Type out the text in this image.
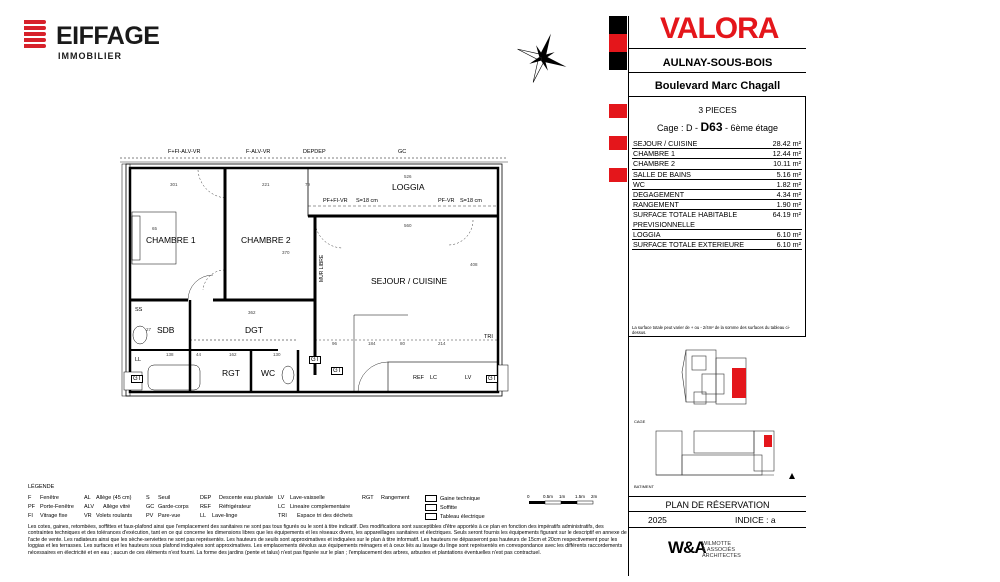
EIFFAGE
IMMOBILIER
CHAMBRE 1	CHAMBRE 2
LOGGIA
SEJOUR / CUISINE
SDB	DGT
RGT WC
F+FI-ALV-VR	F-ALV-VR	DEPDEP	GC
PF+FI-VR S=18 cm	PF-VR S=18 cm
MUR LIBRE
SS
LL
GT
GT
GT
GT
REF LC	LV
TRI
301	221	79
526
560
362
138	44	162	130
184	214
80
96
370
408
65
27
VALORA
AULNAY-SOUS-BOIS
Boulevard Marc Chagall
3 PIECES
Cage : D - D63 - 6ème étage
SEJOUR / CUISINE	28.42 m²
CHAMBRE 1	12.44 m²
CHAMBRE 2	10.11 m²
SALLE DE BAINS	5.16 m²
WC	1.82 m²
DEGAGEMENT	4.34 m²
RANGEMENT	1.90 m²
SURFACE TOTALE HABITABLE PREVISIONNELLE	64.19 m²
LOGGIA	6.10 m²
SURFACE TOTALE EXTERIEURE	6.10 m²
La surface totale peut varier de + ou - 2/4m² de la somme des surfaces du tableau ci-dessus.
CAGE
BATIMENT
PLAN DE RÉSERVATION
2025	INDICE : a
W&A
WILMOTTE
& ASSOCIÉS
ARCHITECTES
LÉGENDE
F Fenêtre
PF Porte-Fenêtre
FI Vitrage fixe
AL Allège (45 cm)
ALV Allège vitré
VR Volets roulants
S Seuil
GC Garde-corps
PV Pare-vue
DEP Descente eau pluviale
REF Réfrigérateur
LL Lave-linge
LV Lave-vaisselle
LC Lineaire complementaire
TRI Espace tri des déchets
RGT Rangement	Gaine technique
Soffitte
Tableau électrique
0	0.5m 1m 1.5m 2m
Les cotes, gaines, retombées, soffittes et faux-plafond ainsi que l'emplacement des sanitaires ne sont pas tous figurés ou le sont à titre indicatif. Des modifications sont susceptibles d'être apportés à ce plan en fonction des impératifs administratifs, des contraintes techniques et des tolérances d'exécution, tant en ce qui concerne les dimensions libres que les équipements et les réseaux divers, les appareillages sanitaires et électriques. Seuls seront fournis les équipements figurant sur le descriptif en annexe de l'acte de vente. Les radiateurs ainsi que les sèche-serviettes ne sont pas représentés. Les hauteurs de seuils sont approximatives et indiquées sur le plan à titre informatif. Les hauteurs ne dépasseront pas hauteurs de 15cm et 20cm respectivement pour les loggias et les terrasses. Les surfaces et les hauteurs sous plafond indiquées sont approximatives. Les emplacements dévolus aux équipements ménagers et à ceux liés au lavage du linge sont représentés en correspondance avec les différents raccordements nécessaires en électricité et en eau ; aucun de ces éléments n'est fourni. La forme des jardins (pente et talus) n'est pas figurée sur le plan ; l'emplacement des arbres, arbustes et plantations éventuelles n'est pas contractuel.
